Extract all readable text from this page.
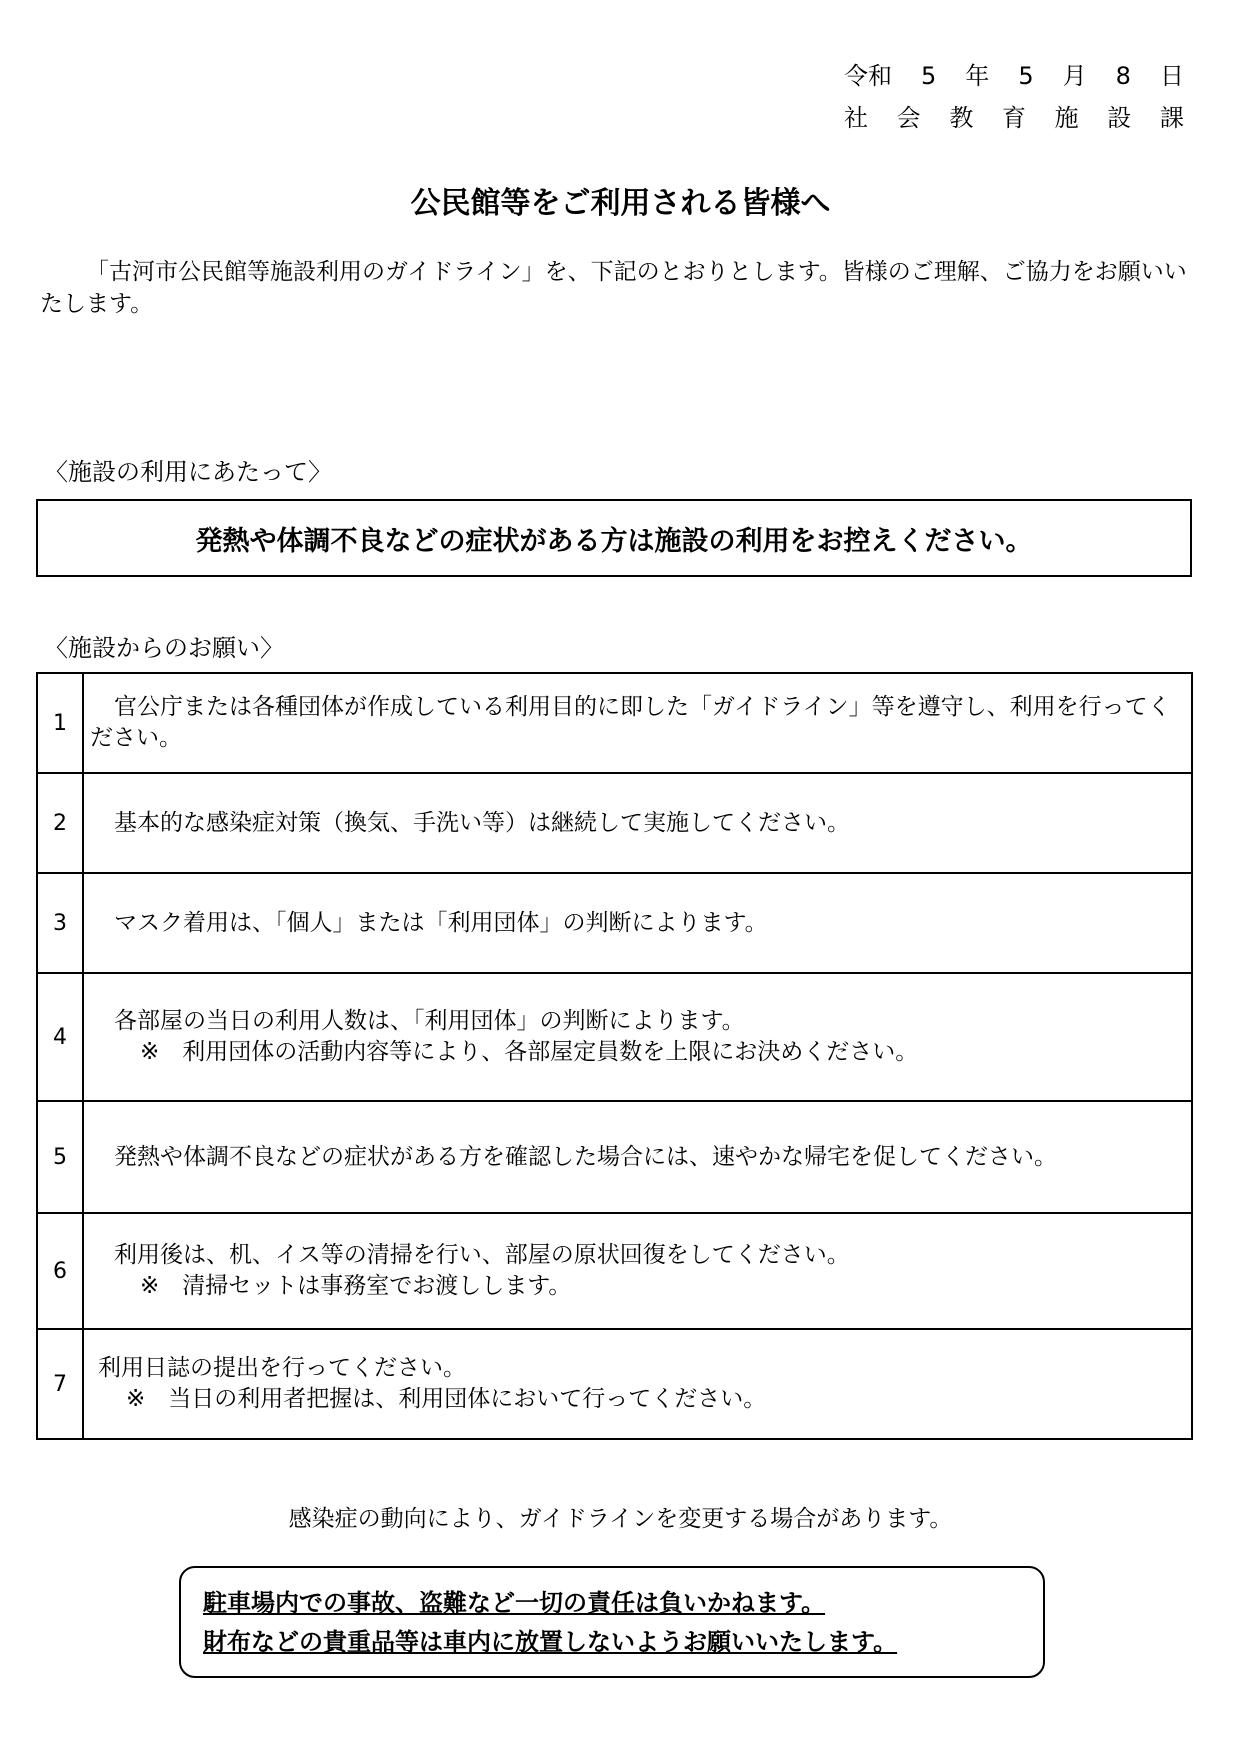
令和 5 年 5 月 8 日
社 会 教 育 施 設 課
公民館等をご利用される皆様へ
「古河市公民館等施設利用のガイドライン」を、下記のとおりとします。皆様のご理解、ご協力をお願いいたします。
〈施設の利用にあたって〉
発熱や体調不良などの症状がある方は施設の利用をお控えください。
〈施設からのお願い〉
1	官公庁または各種団体が作成している利用目的に即した「ガイドライン」等を遵守し、利用を行ってください。

2	基本的な感染症対策（換気、手洗い等）は継続して実施してください。

3	マスク着用は、「個人」または「利用団体」の判断によります。

4	各部屋の当日の利用人数は、「利用団体」の判断によります。
※　利用団体の活動内容等により、各部屋定員数を上限にお決めください。

5	発熱や体調不良などの症状がある方を確認した場合には、速やかな帰宅を促してください。

6	利用後は、机、イス等の清掃を行い、部屋の原状回復をしてください。
※　清掃セットは事務室でお渡しします。

7	利用日誌の提出を行ってください。
※　当日の利用者把握は、利用団体において行ってください。
感染症の動向により、ガイドラインを変更する場合があります。
駐車場内での事故、盗難など一切の責任は負いかねます。
財布などの貴重品等は車内に放置しないようお願いいたします。
